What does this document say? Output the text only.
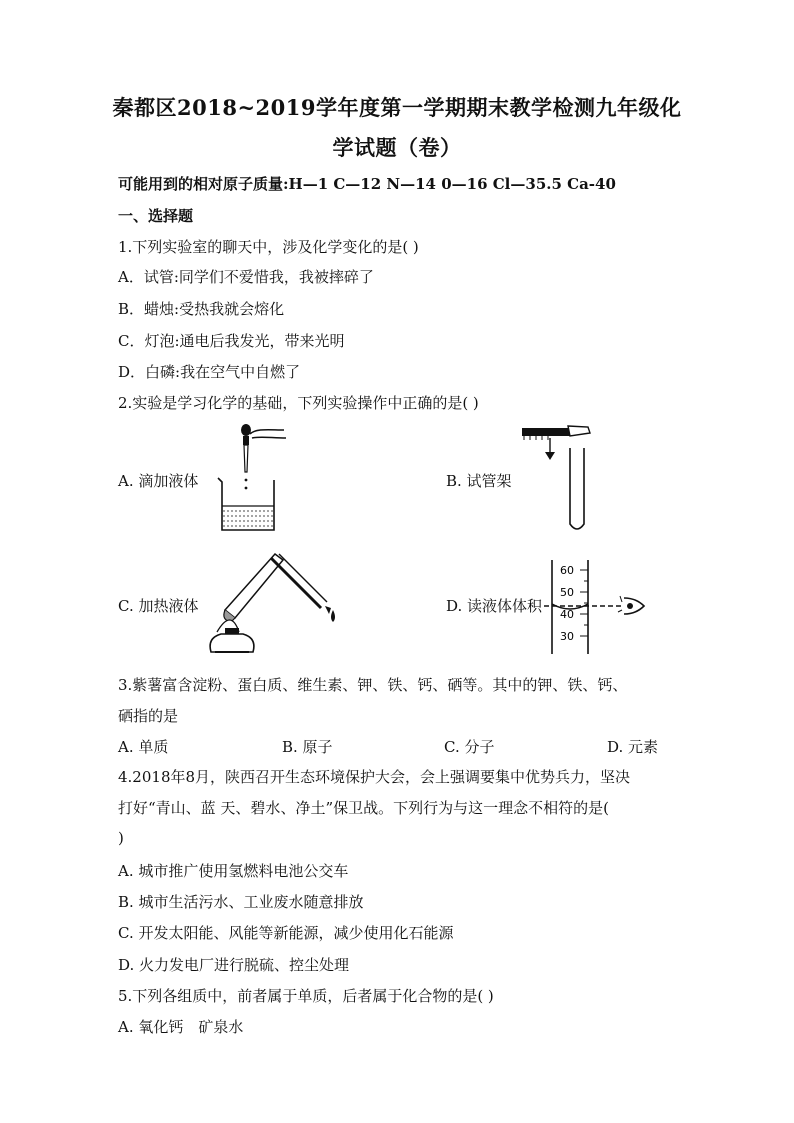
秦都区2018~2019学年度第一学期期末教学检测九年级化
学试题（卷）
可能用到的相对原子质量:H—1 C—12 N—14 0—16 Cl—35.5 Ca-40
一、选择题
1.下列实验室的聊天中，涉及化学变化的是( )
A．试管:同学们不爱惜我，我被摔碎了
B．蜡烛:受热我就会熔化
C．灯泡:通电后我发光，带来光明
D．白磷:我在空气中自燃了
2.实验是学习化学的基础，下列实验操作中正确的是( )
A. 滴加液体	B. 试管架
C. 加热液体	D. 读液体体积
60
50
40
30
3.紫薯富含淀粉、蛋白质、维生素、钾、铁、钙、硒等。其中的钾、铁、钙、
硒指的是
A. 单质	B. 原子	C. 分子	D. 元素
4.2018年8月，陕西召开生态环境保护大会，会上强调要集中优势兵力，坚决
打好“青山、蓝 天、碧水、净土”保卫战。下列行为与这一理念不相符的是(
)
A. 城市推广使用氢燃料电池公交车
B. 城市生活污水、工业废水随意排放
C. 开发太阳能、风能等新能源，减少使用化石能源
D. 火力发电厂进行脱硫、控尘处理
5.下列各组质中，前者属于单质，后者属于化合物的是( )
A. 氧化钙　矿泉水
